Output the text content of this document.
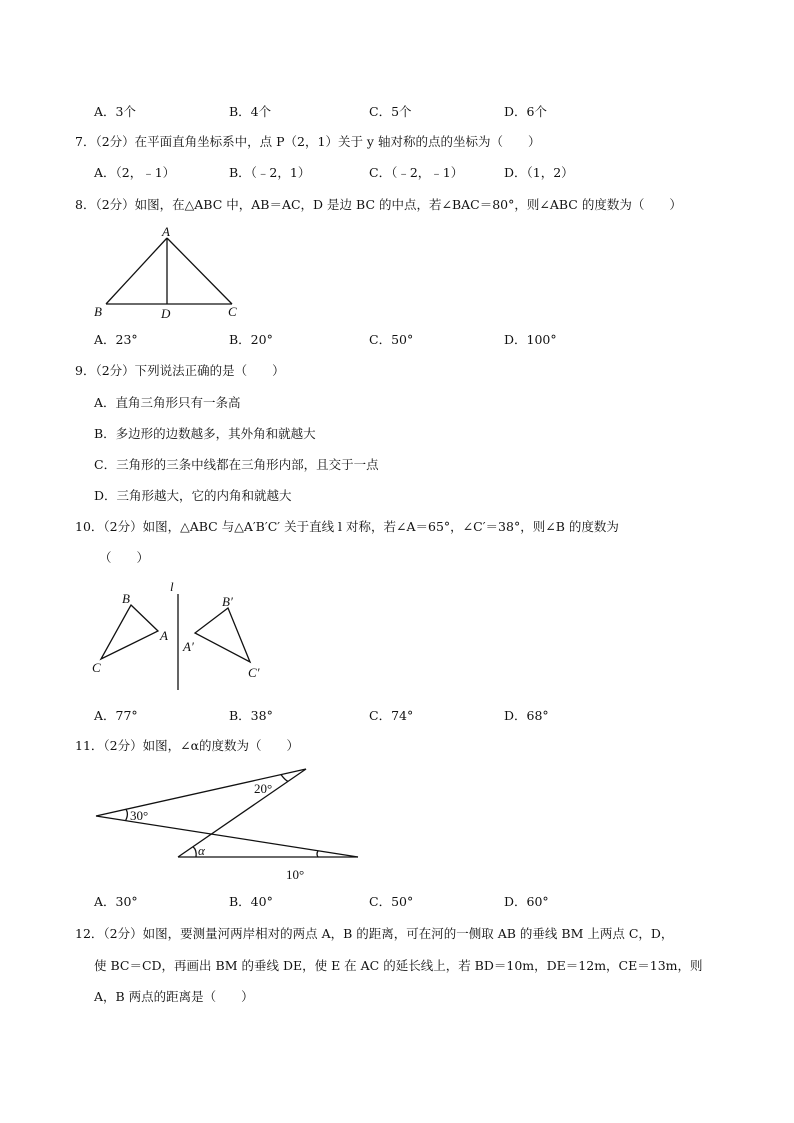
A．3个	B．4个	C．5个	D．6个
7．（2分）在平面直角坐标系中，点 P（2，1）关于 y 轴对称的点的坐标为（　　）
A．（2，﹣1）	B．（﹣2，1）	C．（﹣2，﹣1）	D．（1，2）
8．（2分）如图，在△ABC 中，AB＝AC，D 是边 BC 的中点，若∠BAC＝80°，则∠ABC 的度数为（　　）
A
B	D	C
A．23°	B．20°	C．50°	D．100°
9．（2分）下列说法正确的是（　　）
A．直角三角形只有一条高
B．多边形的边数越多，其外角和就越大
C．三角形的三条中线都在三角形内部，且交于一点
D．三角形越大，它的内角和就越大
10．（2分）如图，△ABC 与△A′B′C′ 关于直线 l 对称，若∠A＝65°，∠C′＝38°，则∠B 的度数为
（　　）
l
B
A
C
B′
A′
C′
A．77°	B．38°	C．74°	D．68°
11．（2分）如图，∠α的度数为（　　）
30°
20°
α
10°
A．30°	B．40°	C．50°	D．60°
12．（2分）如图，要测量河两岸相对的两点 A，B 的距离，可在河的一侧取 AB 的垂线 BM 上两点 C，D，
使 BC＝CD，再画出 BM 的垂线 DE，使 E 在 AC 的延长线上，若 BD＝10m，DE＝12m，CE＝13m，则
A，B 两点的距离是（　　）
